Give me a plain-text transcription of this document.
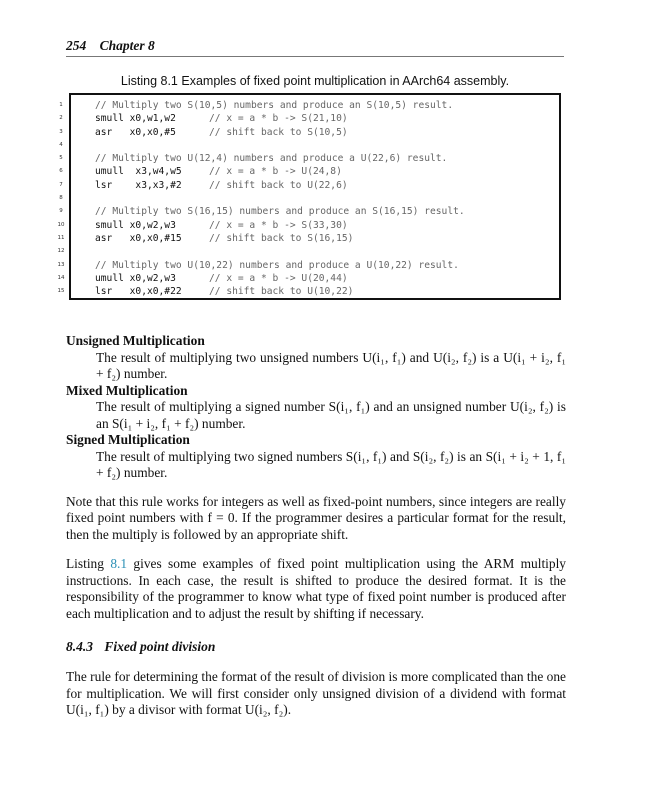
254 Chapter 8
Listing 8.1 Examples of fixed point multiplication in AArch64 assembly.
1
2
3
4
5
6
7
8
9
10
11
12
13
14
15
// Multiply two S(10,5) numbers and produce an S(10,5) result.
smull x0,w1,w2	// x = a * b -> S(21,10)
asr   x0,x0,#5	// shift back to S(10,5)
// Multiply two U(12,4) numbers and produce a U(22,6) result.
umull  x3,w4,w5	// x = a * b -> U(24,8)
lsr    x3,x3,#2	// shift back to U(22,6)
// Multiply two S(16,15) numbers and produce an S(16,15) result.
smull x0,w2,w3	// x = a * b -> S(33,30)
asr   x0,x0,#15	// shift back to S(16,15)
// Multiply two U(10,22) numbers and produce a U(10,22) result.
umull x0,w2,w3	// x = a * b -> U(20,44)
lsr   x0,x0,#22	// shift back to U(10,22)
Unsigned Multiplication
The result of multiplying two unsigned numbers U(i₁, f₁) and U(i₂, f₂) is a U(i₁ + i₂, f₁ + f₂) number.
Mixed Multiplication
The result of multiplying a signed number S(i₁, f₁) and an unsigned number U(i₂, f₂) is an S(i₁ + i₂, f₁ + f₂) number.
Signed Multiplication
The result of multiplying two signed numbers S(i₁, f₁) and S(i₂, f₂) is an S(i₁ + i₂ + 1, f₁ + f₂) number.

Note that this rule works for integers as well as fixed-point numbers, since integers are really fixed point numbers with f = 0. If the programmer desires a particular format for the result, then the multiply is followed by an appropriate shift.

Listing 8.1 gives some examples of fixed point multiplication using the ARM multiply instructions. In each case, the result is shifted to produce the desired format. It is the responsibility of the programmer to know what type of fixed point number is produced after each multiplication and to adjust the result by shifting if necessary.

8.4.3 Fixed point division

The rule for determining the format of the result of division is more complicated than the one for multiplication. We will first consider only unsigned division of a dividend with format U(i₁, f₁) by a divisor with format U(i₂, f₂).
